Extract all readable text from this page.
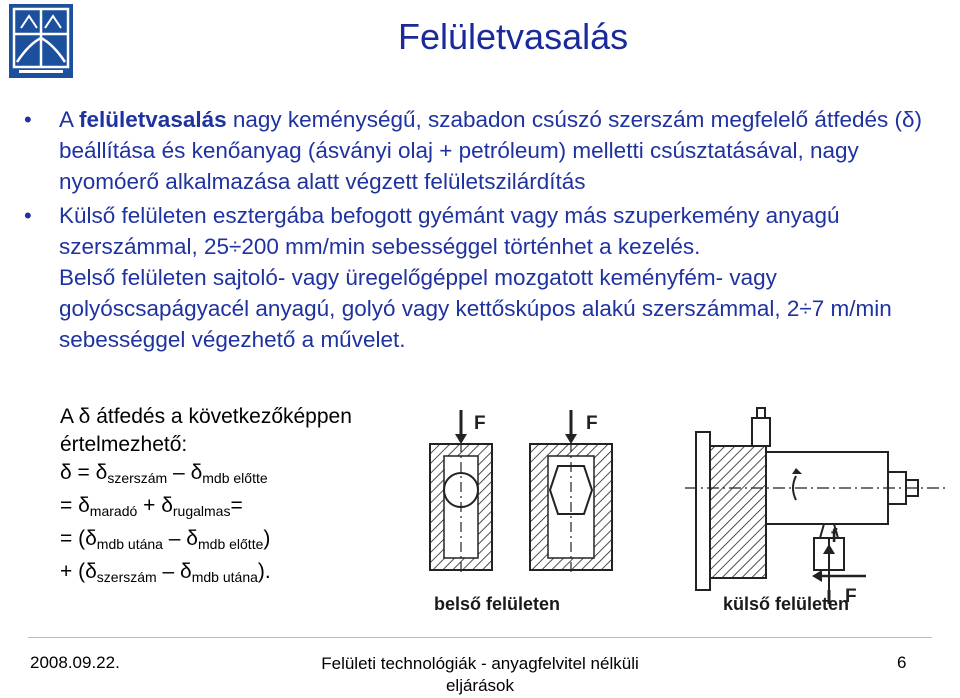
Felületvasalás
• A felületvasalás nagy keménységű, szabadon csúszó szerszám megfelelő átfedés (δ) beállítása és kenőanyag (ásványi olaj + petróleum) melletti csúsztatásával, nagy nyomóerő alkalmazása alatt végzett felületszilárdítás
• Külső felületen esztergába befogott gyémánt vagy más szuperkemény anyagú szerszámmal, 25÷200 mm/min sebességgel történhet a kezelés.
Belső felületen sajtoló- vagy üregelőgéppel mozgatott keményfém- vagy golyóscsapágyacél anyagú, golyó vagy kettőskúpos alakú szerszámmal, 2÷7 m/min sebességgel végezhető a művelet.
A δ átfedés a következőképpen
értelmezhető:
$\delta = \delta_{szerszám} - \delta_{mdb előtte}$
= $\delta_{maradó} + \delta_{rugalmas}=$
= $(\delta_{mdb utána} - \delta_{mdb előtte})$
+ $(\delta_{szerszám} - \delta_{mdb utána})$.
F	F
f
F
belső felületen	külső felületen
2008.09.22.	Felületi technológiák - anyagfelvitel nélküli
eljárások
6
